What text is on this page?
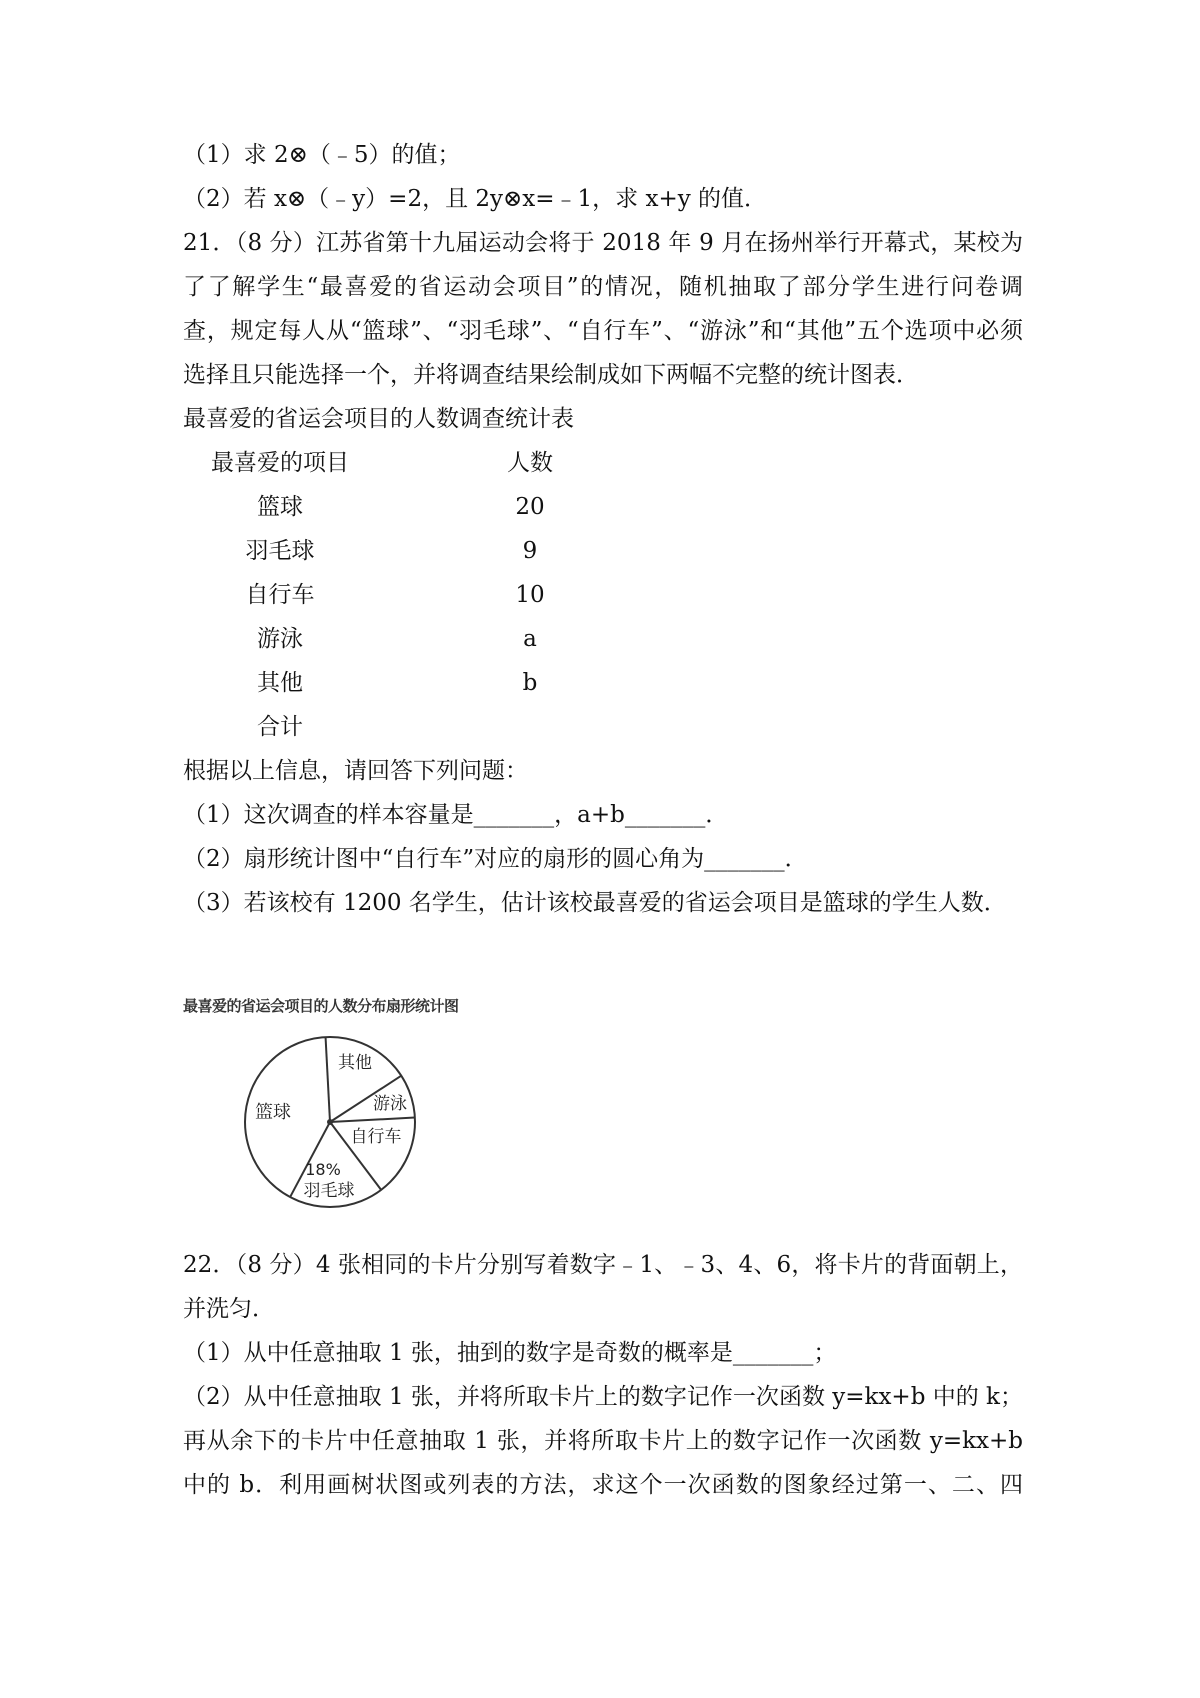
（1）求 2⊗（﹣5）的值；
（2）若 x⊗（﹣y）=2，且 2y⊗x=﹣1，求 x+y 的值．
21．（8 分）江苏省第十九届运动会将于 2018 年 9 月在扬州举行开幕式，某校为
了了解学生“最喜爱的省运动会项目”的情况，随机抽取了部分学生进行问卷调
查，规定每人从“篮球”、“羽毛球”、“自行车”、“游泳”和“其他”五个选项中必须
选择且只能选择一个，并将调查结果绘制成如下两幅不完整的统计图表．
最喜爱的省运会项目的人数调查统计表
最喜爱的项目	人数
篮球	20
羽毛球	9
自行车	10
游泳	a
其他	b
合计
根据以上信息，请回答下列问题：
（1）这次调查的样本容量是_______，a+b_______．
（2）扇形统计图中“自行车”对应的扇形的圆心角为_______．
（3）若该校有 1200 名学生，估计该校最喜爱的省运会项目是篮球的学生人数．
最喜爱的省运会项目的人数分布扇形统计图
其他
游泳
自行车
羽毛球
18%
篮球
22．（8 分）4 张相同的卡片分别写着数字﹣1、﹣3、4、6，将卡片的背面朝上，
并洗匀．
（1）从中任意抽取 1 张，抽到的数字是奇数的概率是_______；
（2）从中任意抽取 1 张，并将所取卡片上的数字记作一次函数 y=kx+b 中的 k；
再从余下的卡片中任意抽取 1 张，并将所取卡片上的数字记作一次函数 y=kx+b
中的 b．利用画树状图或列表的方法，求这个一次函数的图象经过第一、二、四
